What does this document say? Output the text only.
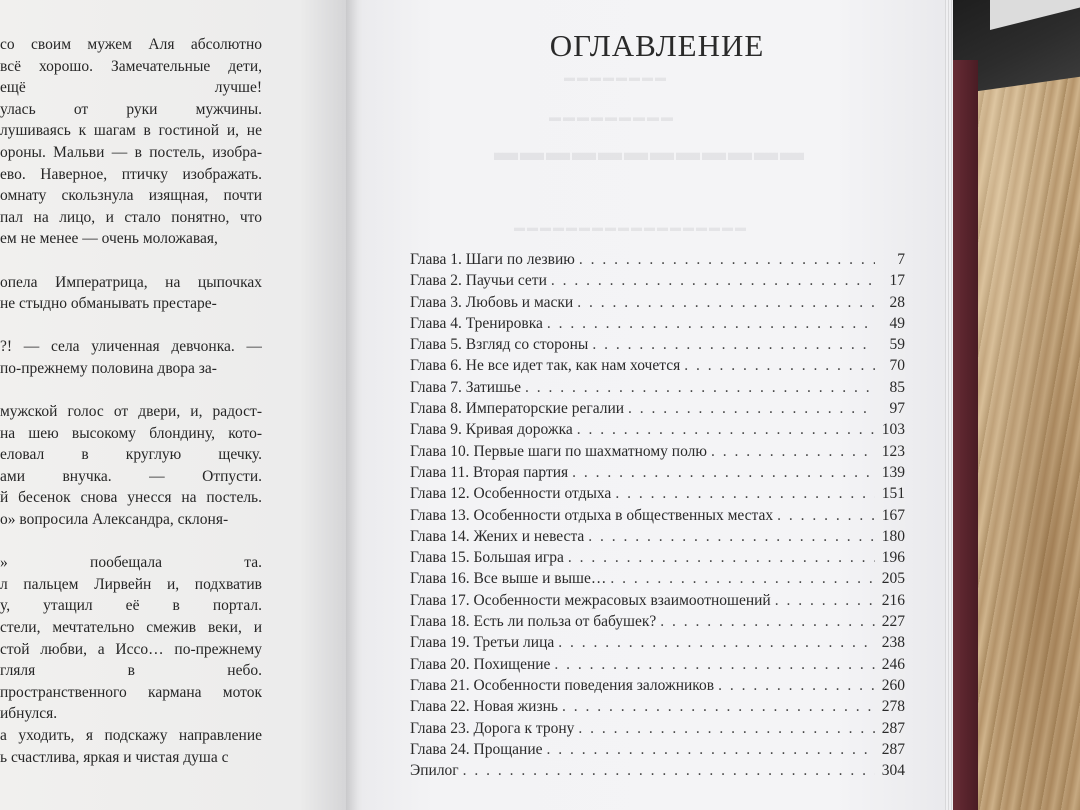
со своим мужем Аля абсолютно
всё хорошо. Замечательные дети,
ещё лучше!
улась от руки мужчины.
лушиваясь к шагам в гостиной и, не
ороны. Мальви — в постель, изобра-
ево. Наверное, птичку изображать.
омнату скользнула изящная, почти
пал на лицо, и стало понятно, что
ем не менее — очень моложавая,
опела Императрица, на цыпочках
не стыдно обманывать престаре-
?! — села уличенная девчонка. —
по-прежнему половина двора за-
мужской голос от двери, и, радост-
на шею высокому блондину, кото-
еловал в круглую щечку.
ами внучка. — Отпусти.
й бесенок снова унесся на постель.
о» вопросила Александра, склоня-
» пообещала та.
л пальцем Лирвейн и, подхватив
у, утащил её в портал.
стели, мечтательно смежив веки, и
стой любви, а Иссо… по-прежнему
гляля в небо.
пространственного кармана моток
ибнулся.
а уходить, я подскажу направление
ь счастлива, яркая и чистая душа с
▬▬▬▬▬▬▬▬
▬▬▬▬▬▬▬▬▬
▬▬▬▬▬▬▬▬▬▬▬▬
▬▬▬▬▬▬▬▬▬▬▬▬▬▬▬▬▬▬
ОГЛАВЛЕНИЕ
Глава 1. Шаги по лезвию . . .	7
Глава 2. Паучьи сети . . .	17
Глава 3. Любовь и маски . . .	28
Глава 4. Тренировка . . .	49
Глава 5. Взгляд со стороны . . .	59
Глава 6. Не все идет так, как нам хочется . . .	70
Глава 7. Затишье . . .	85
Глава 8. Императорские регалии . . .	97
Глава 9. Кривая дорожка . . .	103
Глава 10. Первые шаги по шахматному полю . . .	123
Глава 11. Вторая партия . . .	139
Глава 12. Особенности отдыха . . .	151
Глава 13. Особенности отдыха в общественных местах . . .	167
Глава 14. Жених и невеста . . .	180
Глава 15. Большая игра . . .	196
Глава 16. Все выше и выше… . . .	205
Глава 17. Особенности межрасовых взаимоотношений . . .	216
Глава 18. Есть ли польза от бабушек? . . .	227
Глава 19. Третьи лица . . .	238
Глава 20. Похищение . . .	246
Глава 21. Особенности поведения заложников . . .	260
Глава 22. Новая жизнь . . .	278
Глава 23. Дорога к трону . . .	287
Глава 24. Прощание . . .	287
Эпилог . . .	304
